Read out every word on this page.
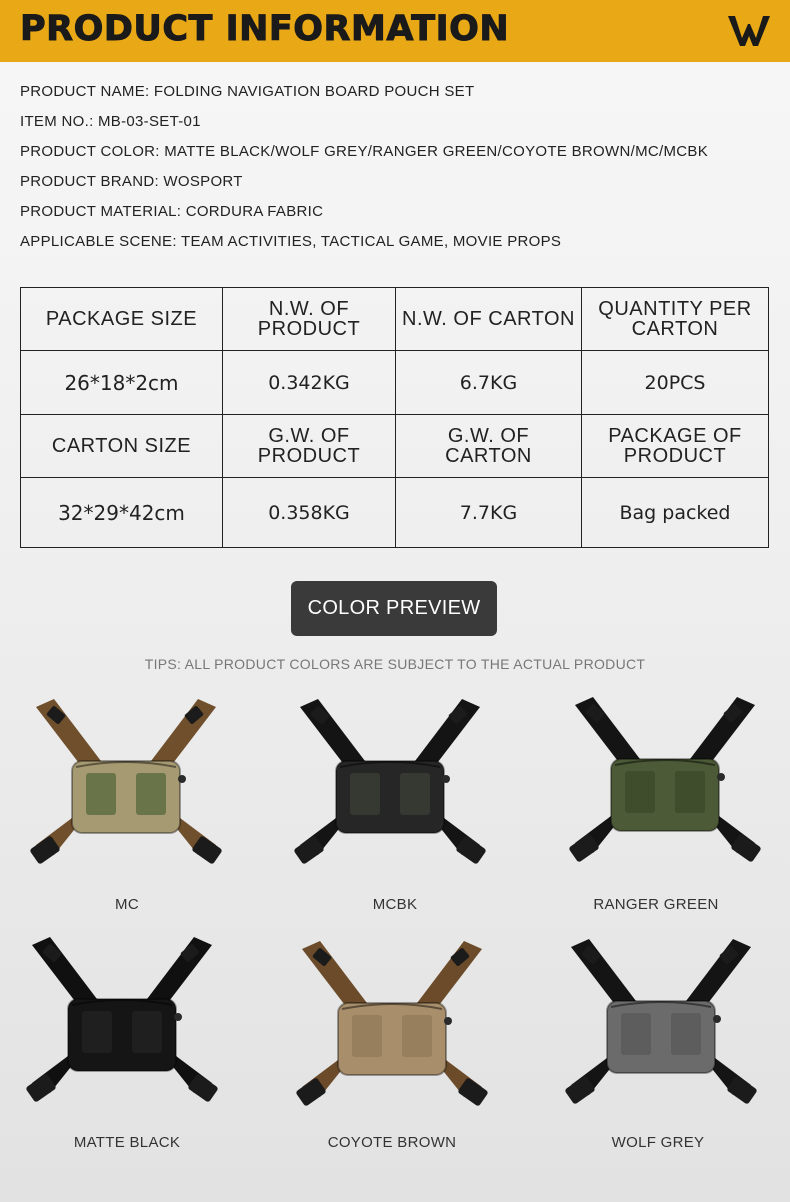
PRODUCT INFORMATION
PRODUCT NAME: FOLDING NAVIGATION BOARD POUCH SET
ITEM NO.: MB-03-SET-01
PRODUCT COLOR: MATTE BLACK/WOLF GREY/RANGER GREEN/COYOTE BROWN/MC/MCBK
PRODUCT BRAND: WOSPORT
PRODUCT MATERIAL: CORDURA FABRIC
APPLICABLE SCENE: TEAM ACTIVITIES, TACTICAL GAME, MOVIE PROPS
PACKAGE SIZE	N.W. OF PRODUCT	N.W. OF CARTON	QUANTITY PER CARTON
26*18*2cm	0.342KG	6.7KG	20PCS
CARTON SIZE	G.W. OF PRODUCT	G.W. OF CARTON	PACKAGE OF PRODUCT
32*29*42cm	0.358KG	7.7KG	Bag packed
COLOR PREVIEW
TIPS: ALL PRODUCT COLORS ARE SUBJECT TO THE ACTUAL PRODUCT
MC	MCBK	RANGER GREEN
MATTE BLACK	COYOTE BROWN	WOLF GREY
